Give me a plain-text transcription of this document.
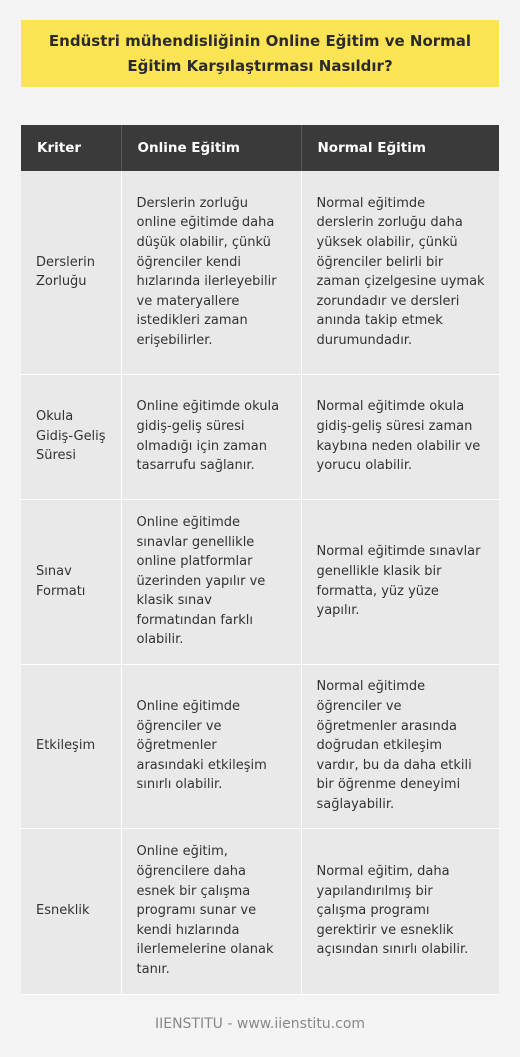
Endüstri mühendisliğinin Online Eğitim ve Normal Eğitim Karşılaştırması Nasıldır?
Kriter	Online Eğitim	Normal Eğitim
Derslerin Zorluğu	Derslerin zorluğu online eğitimde daha düşük olabilir, çünkü öğrenciler kendi hızlarında ilerleyebilir ve materyallere istedikleri zaman erişebilirler.	Normal eğitimde derslerin zorluğu daha yüksek olabilir, çünkü öğrenciler belirli bir zaman çizelgesine uymak zorundadır ve dersleri anında takip etmek durumundadır.
Okula Gidiş-Geliş Süresi	Online eğitimde okula gidiş-geliş süresi olmadığı için zaman tasarrufu sağlanır.	Normal eğitimde okula gidiş-geliş süresi zaman kaybına neden olabilir ve yorucu olabilir.
Sınav Formatı	Online eğitimde sınavlar genellikle online platformlar üzerinden yapılır ve klasik sınav formatından farklı olabilir.	Normal eğitimde sınavlar genellikle klasik bir formatta, yüz yüze yapılır.
Etkileşim	Online eğitimde öğrenciler ve öğretmenler arasındaki etkileşim sınırlı olabilir.	Normal eğitimde öğrenciler ve öğretmenler arasında doğrudan etkileşim vardır, bu da daha etkili bir öğrenme deneyimi sağlayabilir.
Esneklik	Online eğitim, öğrencilere daha esnek bir çalışma programı sunar ve kendi hızlarında ilerlemelerine olanak tanır.	Normal eğitim, daha yapılandırılmış bir çalışma programı gerektirir ve esneklik açısından sınırlı olabilir.
IIENSTITU - www.iienstitu.com
